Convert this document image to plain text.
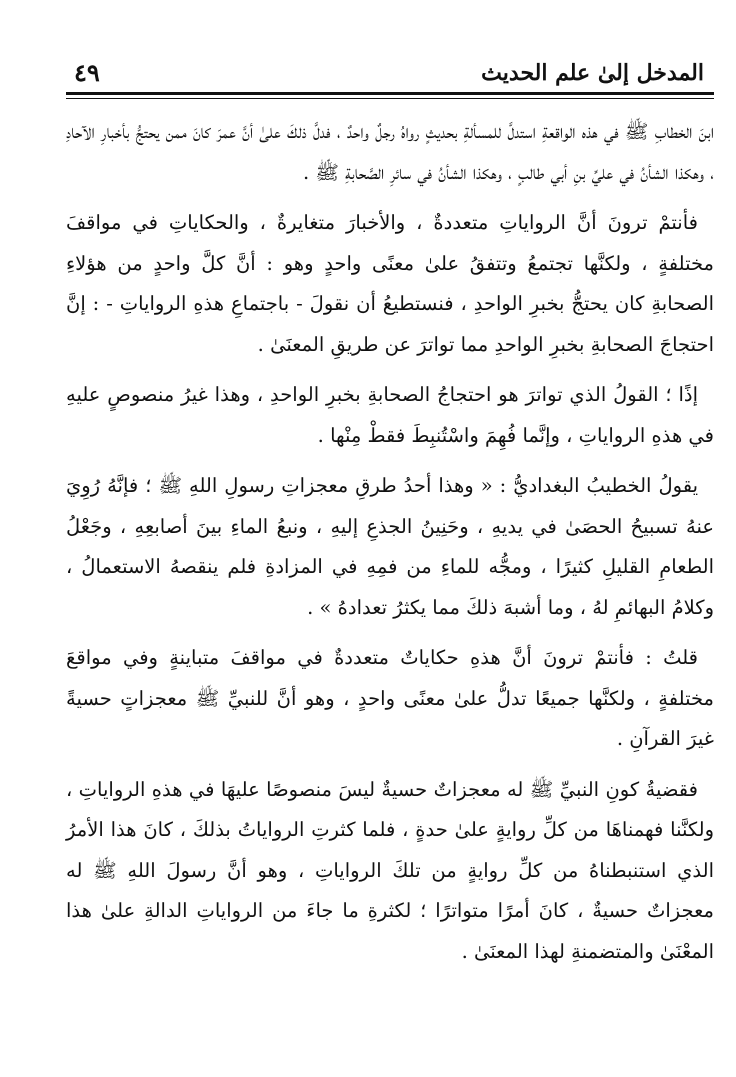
المدخل إلىٰ علم الحديث
٤٩

ابنَ الخطابِ ﷺ في هذه الواقعةِ استدلَّ للمسألةِ بحديثٍ رواهُ رجلٌ واحدٌ ، فدلَّ ذلكَ علىٰ أنَّ عمرَ كانَ ممن يحتجُّ بأخبارِ الآحادِ ، وهكذا الشأنُ في عليِّ بنِ أبي طالبٍ ، وهكذا الشأنُ في سائرِ الصَّحابةِ ﷺ .

فأنتمْ ترونَ أنَّ الرواياتِ متعددةٌ ، والأخبارَ متغايرةٌ ، والحكاياتِ في مواقفَ مختلفةٍ ، ولكنَّها تجتمعُ وتتفقُ علىٰ معنًى واحدٍ وهو : أنَّ كلَّ واحدٍ من هؤلاءِ الصحابةِ كان يحتجُّ بخبرِ الواحدِ ، فنستطيعُ أن نقولَ - باجتماعِ هذهِ الرواياتِ - : إنَّ احتجاجَ الصحابةِ بخبرِ الواحدِ مما تواترَ عن طريقِ المعنَىٰ .

إذًا ؛ القولُ الذي تواترَ هو احتجاجُ الصحابةِ بخبرِ الواحدِ ، وهذا غيرُ منصوصٍ عليهِ في هذهِ الرواياتِ ، وإنَّما فُهِمَ واسْتُنبِطَ فقطْ مِنْها .

يقولُ الخطيبُ البغداديُّ : « وهذا أحدُ طرقِ معجزاتِ رسولِ اللهِ ﷺ ؛ فإنَّهُ رُوِيَ عنهُ تسبيحُ الحصَىٰ في يديهِ ، وحَنِينُ الجذعِ إليهِ ، ونبعُ الماءِ بينَ أصابعِهِ ، وجَعْلُ الطعامِ القليلِ كثيرًا ، ومجُّه للماءِ من فمِهِ في المزادةِ فلم ينقصهُ الاستعمالُ ، وكلامُ البهائمِ لهُ ، وما أشبهَ ذلكَ مما يكثرُ تعدادهُ » .

قلتُ : فأنتمْ ترونَ أنَّ هذهِ حكاياتٌ متعددةٌ في مواقفَ متباينةٍ وفي مواقعَ مختلفةٍ ، ولكنَّها جميعًا تدلُّ علىٰ معنًى واحدٍ ، وهو أنَّ للنبيِّ ﷺ معجزاتٍ حسيةً غيرَ القرآنِ .

فقضيةُ كونِ النبيِّ ﷺ له معجزاتٌ حسيةٌ ليسَ منصوصًا عليهَا في هذهِ الرواياتِ ، ولكنَّنا فهمناهَا من كلِّ روايةٍ علىٰ حدةٍ ، فلما كثرتِ الرواياتُ بذلكَ ، كانَ هذا الأمرُ الذي استنبطناهُ من كلِّ روايةٍ من تلكَ الرواياتِ ، وهو أنَّ رسولَ اللهِ ﷺ له معجزاتٌ حسيةٌ ، كانَ أمرًا متواترًا ؛ لكثرةِ ما جاءَ من الرواياتِ الدالةِ علىٰ هذا المعْنَىٰ والمتضمنةِ لهذا المعنَىٰ .
